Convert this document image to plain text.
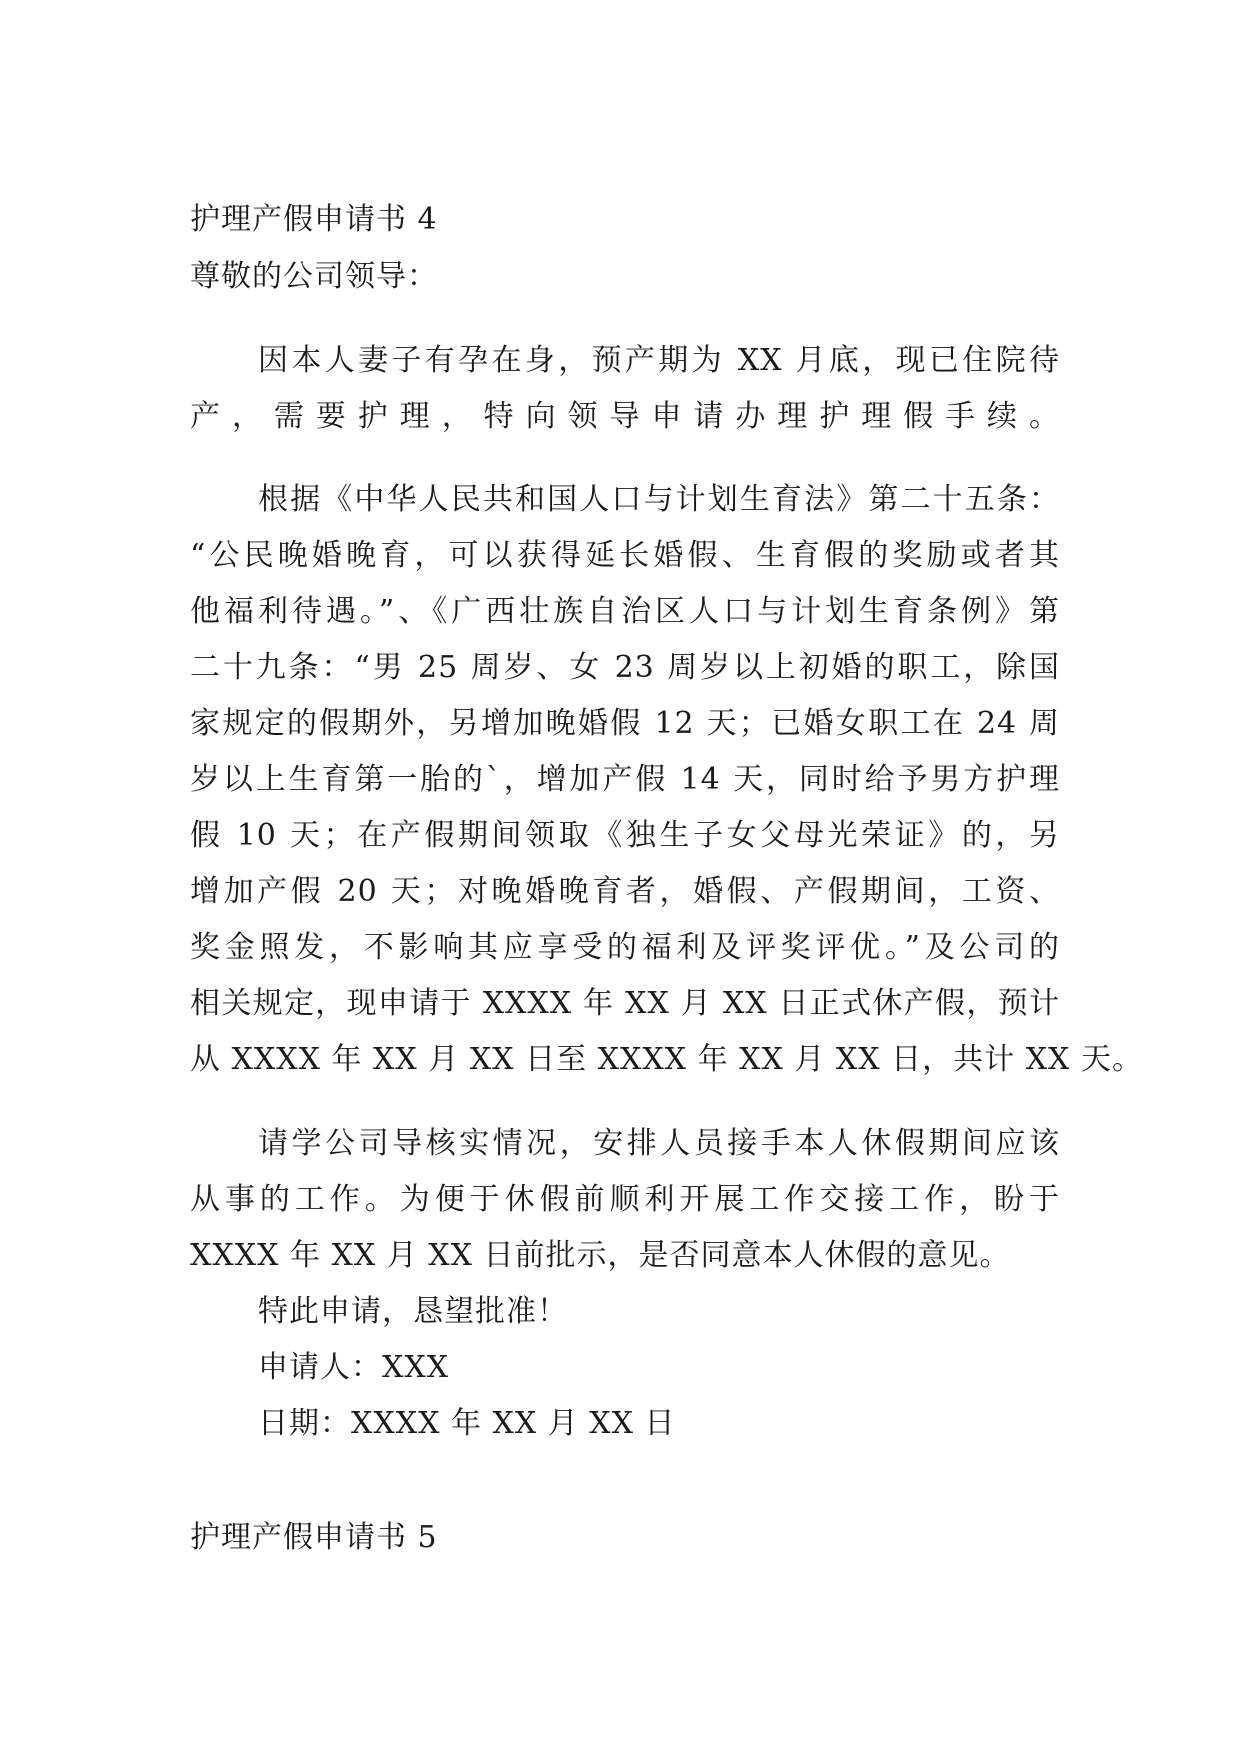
护理产假申请书 4
尊敬的公司领导：
因本人妻子有孕在身，预产期为 XX 月底，现已住院待
产，需要护理，特向领导申请办理护理假手续。
根据《中华人民共和国人口与计划生育法》第二十五条：
“公民晚婚晚育，可以获得延长婚假、生育假的奖励或者其
他福利待遇。”、《广西壮族自治区人口与计划生育条例》第
二十九条：“男 25 周岁、女 23 周岁以上初婚的职工，除国
家规定的假期外，另增加晚婚假 12 天；已婚女职工在 24 周
岁以上生育第一胎的`，增加产假 14 天，同时给予男方护理
假 10 天；在产假期间领取《独生子女父母光荣证》的，另
增加产假 20 天；对晚婚晚育者，婚假、产假期间，工资、
奖金照发，不影响其应享受的福利及评奖评优。”及公司的
相关规定，现申请于 XXXX 年 XX 月 XX 日正式休产假，预计
从 XXXX 年 XX 月 XX 日至 XXXX 年 XX 月 XX 日，共计 XX 天。
请学公司导核实情况，安排人员接手本人休假期间应该
从事的工作。为便于休假前顺利开展工作交接工作，盼于
XXXX 年 XX 月 XX 日前批示，是否同意本人休假的意见。
特此申请，恳望批准！
申请人：XXX
日期：XXXX 年 XX 月 XX 日
护理产假申请书 5
